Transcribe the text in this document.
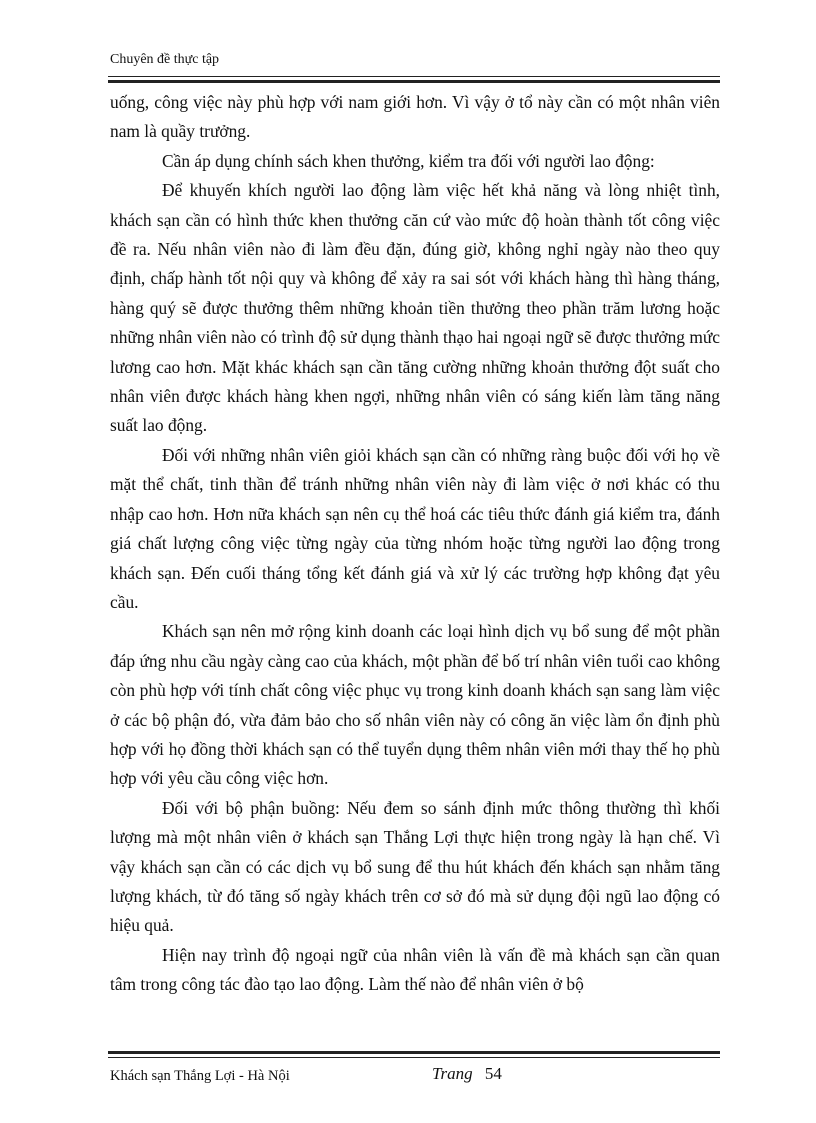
Chuyên đề thực tập

uống, công việc này phù hợp với nam giới hơn. Vì vậy ở tổ này cần có một nhân viên nam là quầy trưởng.

Cần áp dụng chính sách khen thưởng, kiểm tra đối với người lao động:

Để khuyến khích người lao động làm việc hết khả năng và lòng nhiệt tình, khách sạn cần có hình thức khen thưởng căn cứ vào mức độ hoàn thành tốt công việc đề ra. Nếu nhân viên nào đi làm đều đặn, đúng giờ, không nghỉ ngày nào theo quy định, chấp hành tốt nội quy và không để xảy ra sai sót với khách hàng thì hàng tháng, hàng quý sẽ được thưởng thêm những khoản tiền thưởng theo phần trăm lương hoặc những nhân viên nào có trình độ sử dụng thành thạo hai ngoại ngữ sẽ được thưởng mức lương cao hơn. Mặt khác khách sạn cần tăng cường những khoản thưởng đột suất cho nhân viên được khách hàng khen ngợi, những nhân viên có sáng kiến làm tăng năng suất lao động.

Đối với những nhân viên giỏi khách sạn cần có những ràng buộc đối với họ về mặt thể chất, tinh thần để tránh những nhân viên này đi làm việc ở nơi khác có thu nhập cao hơn. Hơn nữa khách sạn nên cụ thể hoá các tiêu thức đánh giá kiểm tra, đánh giá chất lượng công việc từng ngày của từng nhóm hoặc từng người lao động trong khách sạn. Đến cuối tháng tổng kết đánh giá và xử lý các trường hợp không đạt yêu cầu.

Khách sạn nên mở rộng kinh doanh các loại hình dịch vụ bổ sung để một phần đáp ứng nhu cầu ngày càng cao của khách, một phần để bố trí nhân viên tuổi cao không còn phù hợp với tính chất công việc phục vụ trong kinh doanh khách sạn sang làm việc ở các bộ phận đó, vừa đảm bảo cho số nhân viên này có công ăn việc làm ổn định phù hợp với họ đồng thời khách sạn có thể tuyển dụng thêm nhân viên mới thay thế họ phù hợp với yêu cầu công việc hơn.

Đối với bộ phận buồng: Nếu đem so sánh định mức thông thường thì khối lượng mà một nhân viên ở khách sạn Thắng Lợi thực hiện trong ngày là hạn chế. Vì vậy khách sạn cần có các dịch vụ bổ sung để thu hút khách đến khách sạn nhằm tăng lượng khách, từ đó tăng số ngày khách trên cơ sở đó mà sử dụng đội ngũ lao động có hiệu quả.

Hiện nay trình độ ngoại ngữ của nhân viên là vấn đề mà khách sạn cần quan tâm trong công tác đào tạo lao động. Làm thế nào để nhân viên ở bộ

Khách sạn Thắng Lợi - Hà Nội	Trang 54
